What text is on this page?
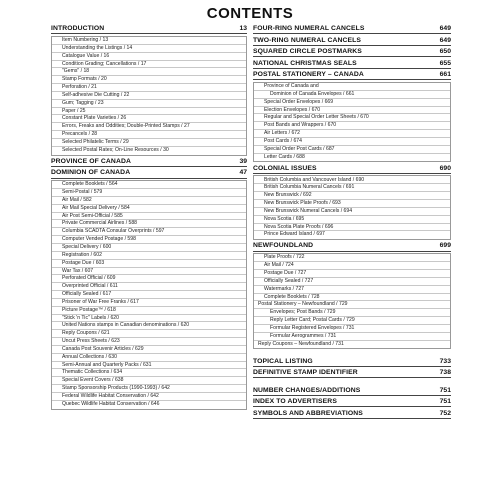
CONTENTS
INTRODUCTION	13
Item Numbering / 13
Understanding the Listings / 14
Catalogue Value / 16
Condition Grading; Cancellations / 17
"Gems" / 18
Stamp Formats / 20
Perforation / 21
Self-adhesive Die Cutting / 22
Gum; Tagging / 23
Paper / 25
Constant Plate Varieties / 26
Errors, Freaks and Oddities; Double-Printed Stamps / 27
Precancels / 28
Selected Philatelic Terms / 29
Selected Postal Rates; On-Line Resources / 30
PROVINCE OF CANADA	39
DOMINION OF CANADA	47
Complete Booklets / 564
Semi-Postal / 579
Air Mail / 582
Air Mail Special Delivery / 584
Air Post Semi-Official / 585
Private Commercial Airlines / 588
Columbia SCADTA Consular Overprints / 597
Computer Vended Postage / 598
Special Delivery / 600
Registration / 602
Postage Due / 603
War Tax / 607
Perforated Official / 609
Overprinted Official / 611
Officially Sealed / 617
Prisoner of War Free Franks / 617
Picture Postage™ / 618
"Stick 'n Tic" Labels / 620
United Nations stamps in Canadian denominations / 620
Reply Coupons / 621
Uncut Press Sheets / 623
Canada Post Souvenir Articles / 629
Annual Collections / 630
Semi-Annual and Quarterly Packs / 631
Thematic Collections / 634
Special Event Covers / 638
Stamp Sponsorship Products (1990-1993) / 642
Federal Wildlife Habitat Conservation / 642
Quebec Wildlife Habitat Conservation / 646
FOUR-RING NUMERAL CANCELS	649
TWO-RING NUMERAL CANCELS	649
SQUARED CIRCLE POSTMARKS	650
NATIONAL CHRISTMAS SEALS	655
POSTAL STATIONERY – CANADA	661
Province of Canada and
Dominion of Canada Envelopes / 661
Special Order Envelopes / 669
Election Envelopes / 670
Regular and Special Order Letter Sheets / 670
Post Bands and Wrappers / 670
Air Letters / 672
Post Cards / 674
Special Order Post Cards / 687
Letter Cards / 688
COLONIAL ISSUES	690
British Columbia and Vancouver Island / 690
British Columbia Numeral Cancels / 691
New Brunswick / 692
New Brunswick Plate Proofs / 693
New Brunswick Numeral Cancels / 694
Nova Scotia / 695
Nova Scotia Plate Proofs / 696
Prince Edward Island / 697
NEWFOUNDLAND	699
Plate Proofs / 722
Air Mail / 724
Postage Due / 727
Officially Sealed / 727
Watermarks / 727
Complete Booklets / 728
Postal Stationery – Newfoundland / 729
Envelopes; Post Bands / 729
Reply Letter Card; Postal Cards / 729
Formular Registered Envelopes / 731
Formular Aerogrammes / 731
Reply Coupons – Newfoundland / 731
TOPICAL LISTING	733
DEFINITIVE STAMP IDENTIFIER	738
NUMBER CHANGES/ADDITIONS	751
INDEX TO ADVERTISERS	751
SYMBOLS AND ABBREVIATIONS	752
